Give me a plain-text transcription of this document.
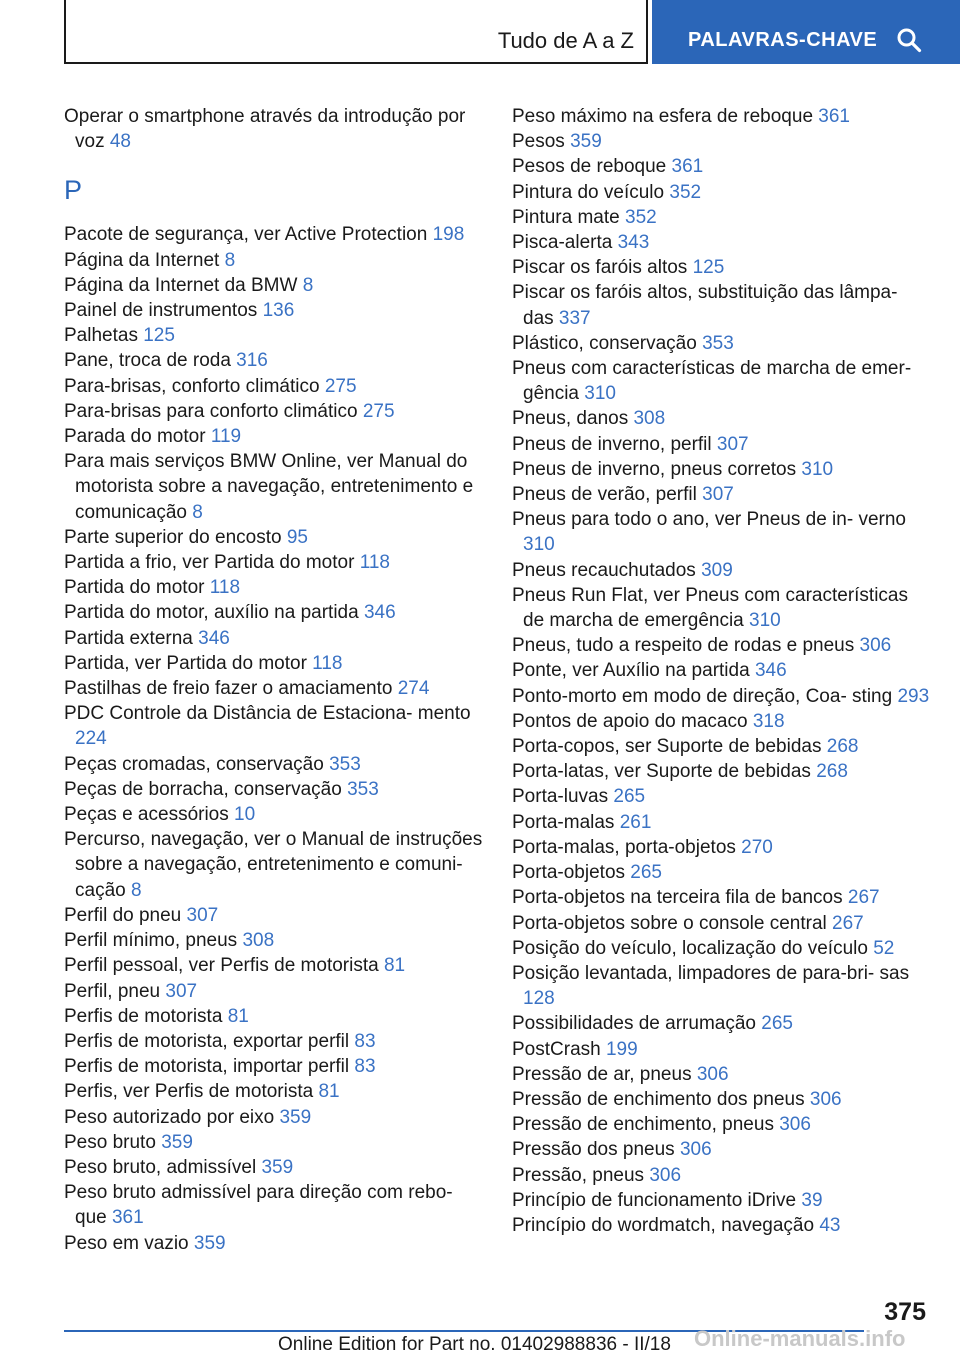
Tudo de A a Z	PALAVRAS-CHAVE
Operar o smartphone através da introdução por voz 48
P
Pacote de segurança, ver Active Protection 198
Página da Internet 8
Página da Internet da BMW 8
Painel de instrumentos 136
Palhetas 125
Pane, troca de roda 316
Para-brisas, conforto climático 275
Para-brisas para conforto climático 275
Parada do motor 119
Para mais serviços BMW Online, ver Manual do motorista sobre a navegação, entretenimento e comunicação 8
Parte superior do encosto 95
Partida a frio, ver Partida do motor 118
Partida do motor 118
Partida do motor, auxílio na partida 346
Partida externa 346
Partida, ver Partida do motor 118
Pastilhas de freio fazer o amaciamento 274
PDC Controle da Distância de Estaciona- mento 224
Peças cromadas, conservação 353
Peças de borracha, conservação 353
Peças e acessórios 10
Percurso, navegação, ver o Manual de instruções sobre a navegação, entretenimento e comuni- cação 8
Perfil do pneu 307
Perfil mínimo, pneus 308
Perfil pessoal, ver Perfis de motorista 81
Perfil, pneu 307
Perfis de motorista 81
Perfis de motorista, exportar perfil 83
Perfis de motorista, importar perfil 83
Perfis, ver Perfis de motorista 81
Peso autorizado por eixo 359
Peso bruto 359
Peso bruto, admissível 359
Peso bruto admissível para direção com rebo- que 361
Peso em vazio 359
Peso máximo na esfera de reboque 361
Pesos 359
Pesos de reboque 361
Pintura do veículo 352
Pintura mate 352
Pisca-alerta 343
Piscar os faróis altos 125
Piscar os faróis altos, substituição das lâmpa- das 337
Plástico, conservação 353
Pneus com características de marcha de emer- gência 310
Pneus, danos 308
Pneus de inverno, perfil 307
Pneus de inverno, pneus corretos 310
Pneus de verão, perfil 307
Pneus para todo o ano, ver Pneus de in- verno 310
Pneus recauchutados 309
Pneus Run Flat, ver Pneus com características de marcha de emergência 310
Pneus, tudo a respeito de rodas e pneus 306
Ponte, ver Auxílio na partida 346
Ponto-morto em modo de direção, Coa- sting 293
Pontos de apoio do macaco 318
Porta-copos, ser Suporte de bebidas 268
Porta-latas, ver Suporte de bebidas 268
Porta-luvas 265
Porta-malas 261
Porta-malas, porta-objetos 270
Porta-objetos 265
Porta-objetos na terceira fila de bancos 267
Porta-objetos sobre o console central 267
Posição do veículo, localização do veículo 52
Posição levantada, limpadores de para-bri- sas 128
Possibilidades de arrumação 265
PostCrash 199
Pressão de ar, pneus 306
Pressão de enchimento dos pneus 306
Pressão de enchimento, pneus 306
Pressão dos pneus 306
Pressão, pneus 306
Princípio de funcionamento iDrive 39
Princípio do wordmatch, navegação 43
375
Online Edition for Part no. 01402988836 - II/18 Online-manuals.info
